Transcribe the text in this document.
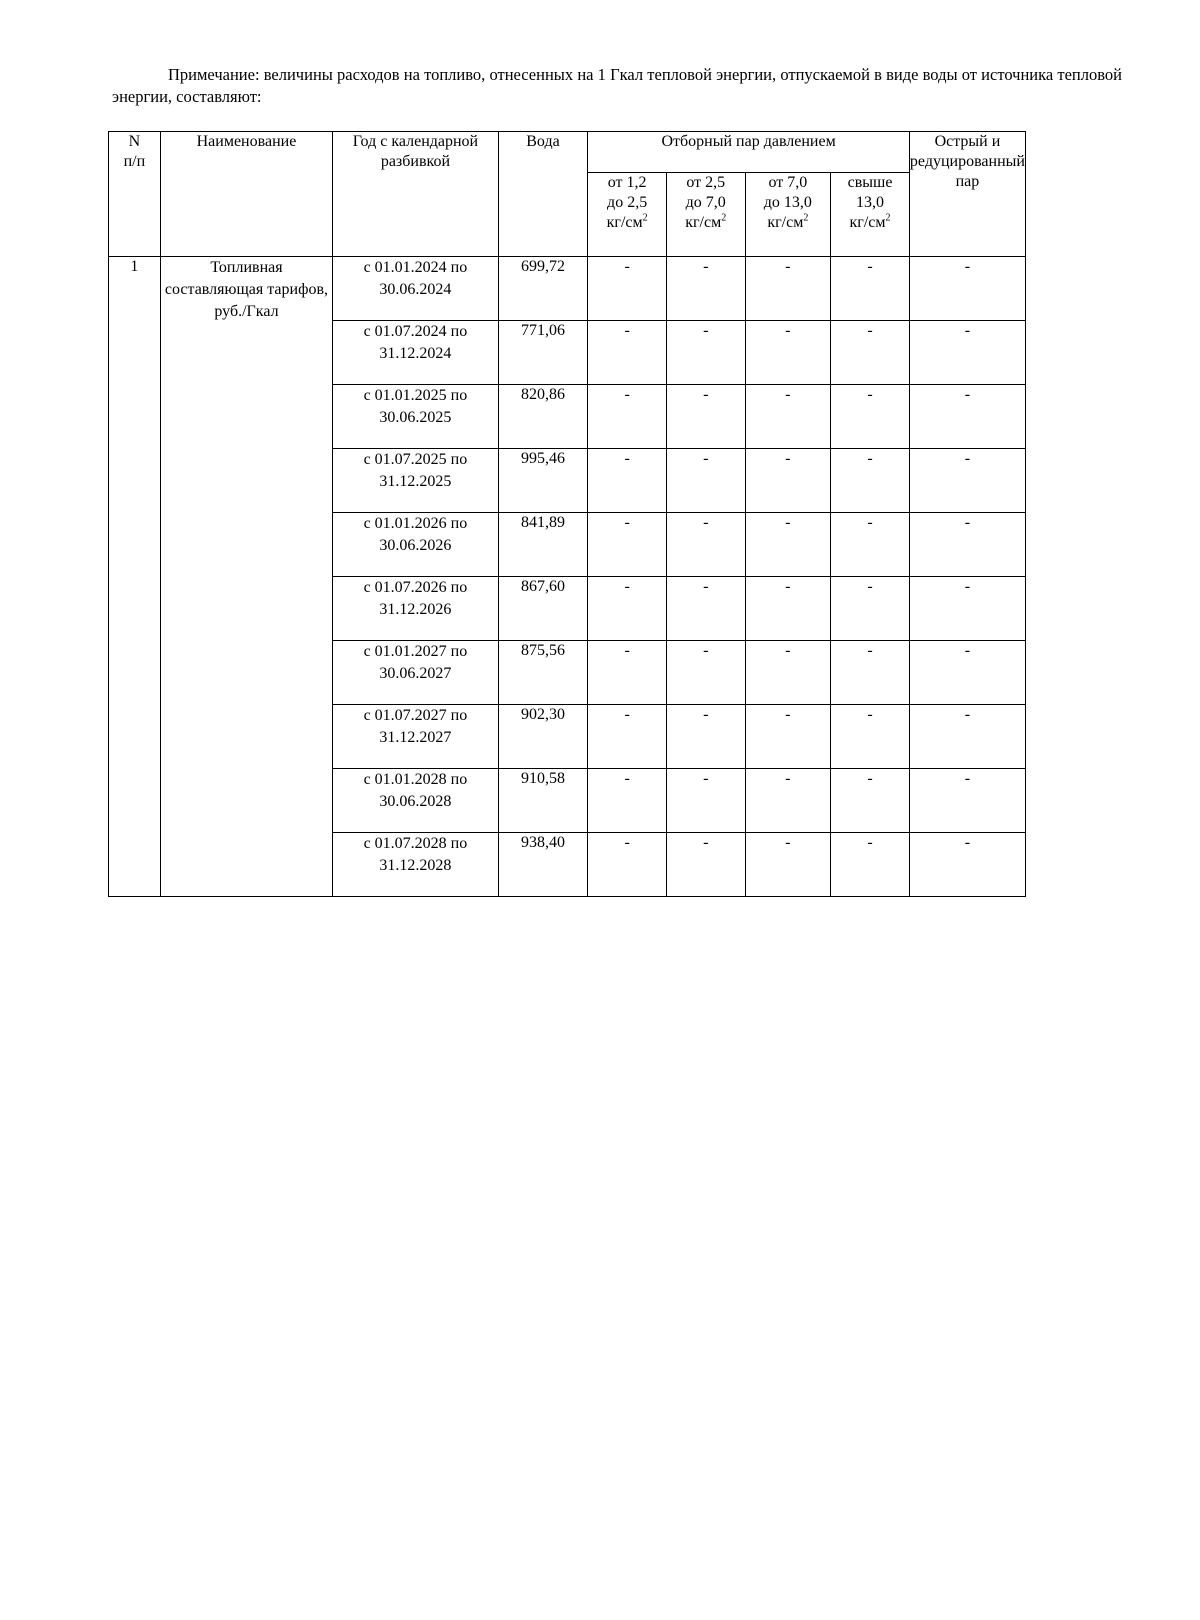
Примечание: величины расходов на топливо, отнесенных на 1 Гкал тепловой энергии, отпускаемой в виде воды от источника тепловой энергии, составляют:
N
п/п	Наименование	Год с календарной разбивкой	Вода	Отборный пар давлением				Острый и редуцированный пар
				от 1,2
до 2,5
$кг/см^2$	от 2,5
до 7,0
$кг/см^2$	от 7,0
до 13,0
$кг/см^2$	свыше
13,0
$кг/см^2$
1	Топливная составляющая тарифов, руб./Гкал	с 01.01.2024 по
30.06.2024	699,72	-	-	-	-	-
		с 01.07.2024 по
31.12.2024	771,06	-	-	-	-	-
		с 01.01.2025 по
30.06.2025	820,86	-	-	-	-	-
		с 01.07.2025 по
31.12.2025	995,46	-	-	-	-	-
		с 01.01.2026 по
30.06.2026	841,89	-	-	-	-	-
		с 01.07.2026 по
31.12.2026	867,60	-	-	-	-	-
		с 01.01.2027 по
30.06.2027	875,56	-	-	-	-	-
		с 01.07.2027 по
31.12.2027	902,30	-	-	-	-	-
		с 01.01.2028 по
30.06.2028	910,58	-	-	-	-	-
		с 01.07.2028 по
31.12.2028	938,40	-	-	-	-	-
